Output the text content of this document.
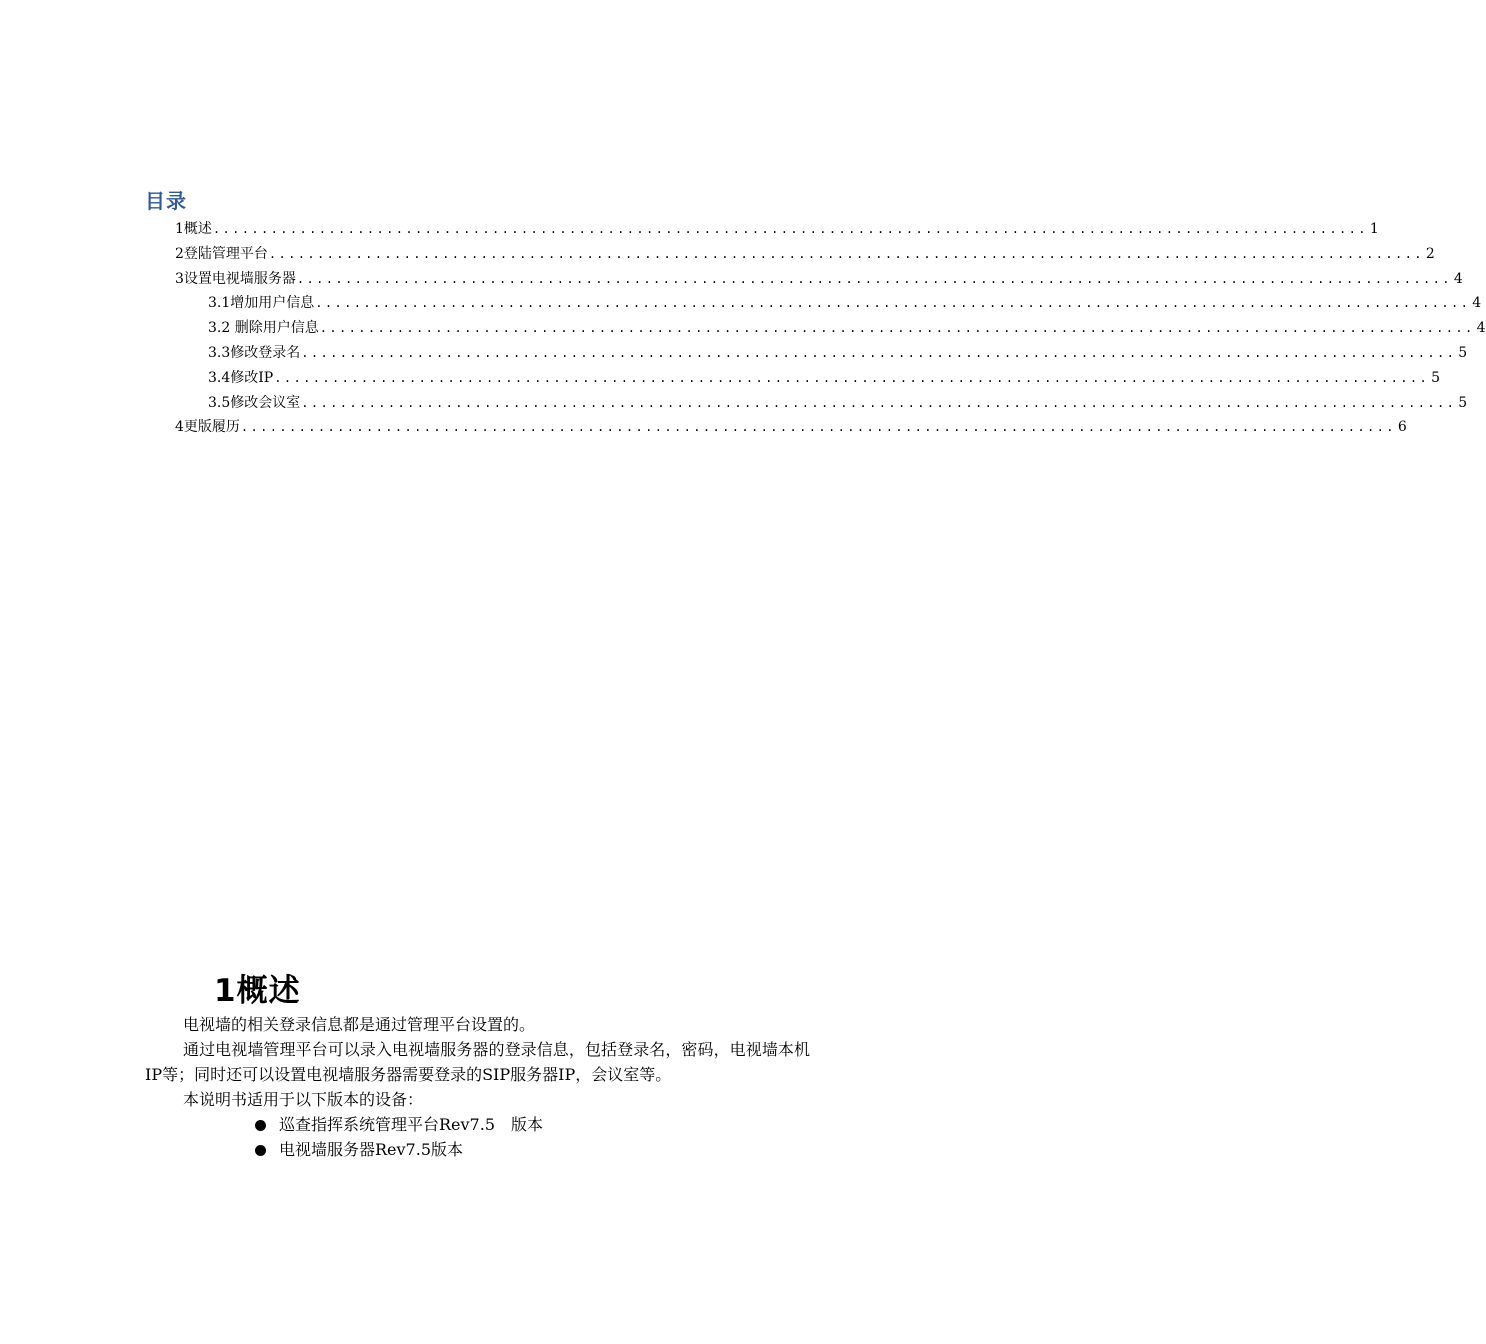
目录
1概述 ........................................................................................................................ 1
2登陆管理平台 ........................................................................................................................ 2
3设置电视墙服务器 ........................................................................................................................ 4
3.1增加用户信息 ........................................................................................................................ 4
3.2 删除用户信息 ........................................................................................................................ 4
3.3修改登录名 ........................................................................................................................ 5
3.4修改IP ........................................................................................................................ 5
3.5修改会议室 ........................................................................................................................ 5
4更版履历 ........................................................................................................................ 6
1概述

电视墙的相关登录信息都是通过管理平台设置的。

通过电视墙管理平台可以录入电视墙服务器的登录信息，包括登录名，密码，电视墙本机IP等；同时还可以设置电视墙服务器需要登录的SIP服务器IP，会议室等。

本说明书适用于以下版本的设备：

巡查指挥系统管理平台Rev7.5　版本
电视墙服务器Rev7.5版本
